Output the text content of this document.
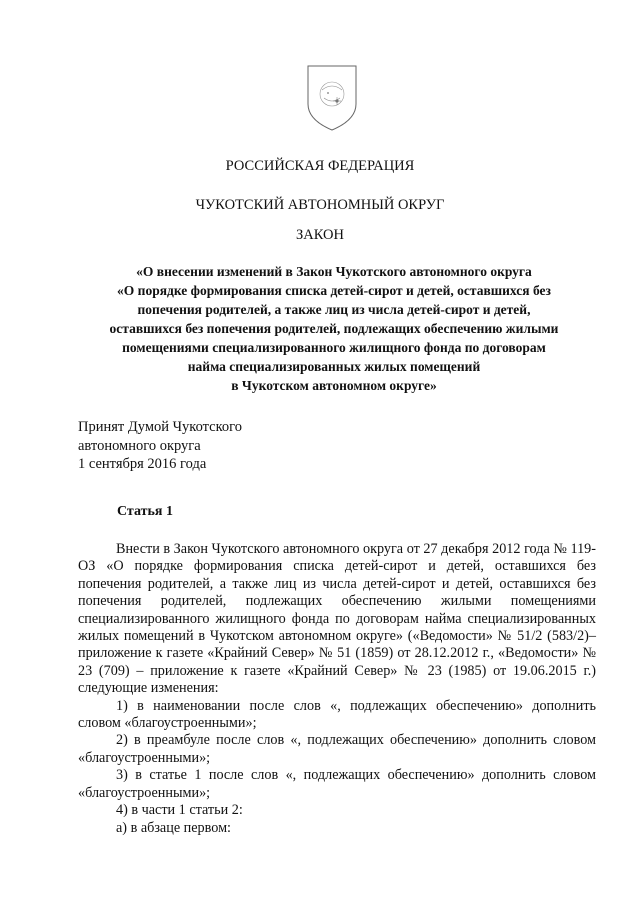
РОССИЙСКАЯ ФЕДЕРАЦИЯ
ЧУКОТСКИЙ АВТОНОМНЫЙ ОКРУГ
ЗАКОН
«О внесении изменений в Закон Чукотского автономного округа
«О порядке формирования списка детей-сирот и детей, оставшихся без
попечения родителей, а также лиц из числа детей-сирот и детей,
оставшихся без попечения родителей, подлежащих обеспечению жилыми
помещениями специализированного жилищного фонда по договорам
найма специализированных жилых помещений
в Чукотском автономном округе»
Принят Думой Чукотского
автономного округа
1 сентября 2016 года
Статья 1

Внести в Закон Чукотского автономного округа от 27 декабря 2012 года № 119-ОЗ «О порядке формирования списка детей-сирот и детей, оставшихся без попечения родителей, а также лиц из числа детей-сирот и детей, оставшихся без попечения родителей, подлежащих обеспечению жилыми помещениями специализированного жилищного фонда по договорам найма специализированных жилых помещений в Чукотском автономном округе» («Ведомости» № 51/2 (583/2)– приложение к газете «Крайний Север» № 51 (1859) от 28.12.2012 г., «Ведомости» № 23 (709) – приложение к газете «Крайний Север» № 23 (1985) от 19.06.2015 г.) следующие изменения:

1) в наименовании после слов «, подлежащих обеспечению» дополнить словом «благоустроенными»;

2) в преамбуле после слов «, подлежащих обеспечению» дополнить словом «благоустроенными»;

3) в статье 1 после слов «, подлежащих обеспечению» дополнить словом «благоустроенными»;

4) в части 1 статьи 2:

а) в абзаце первом:
